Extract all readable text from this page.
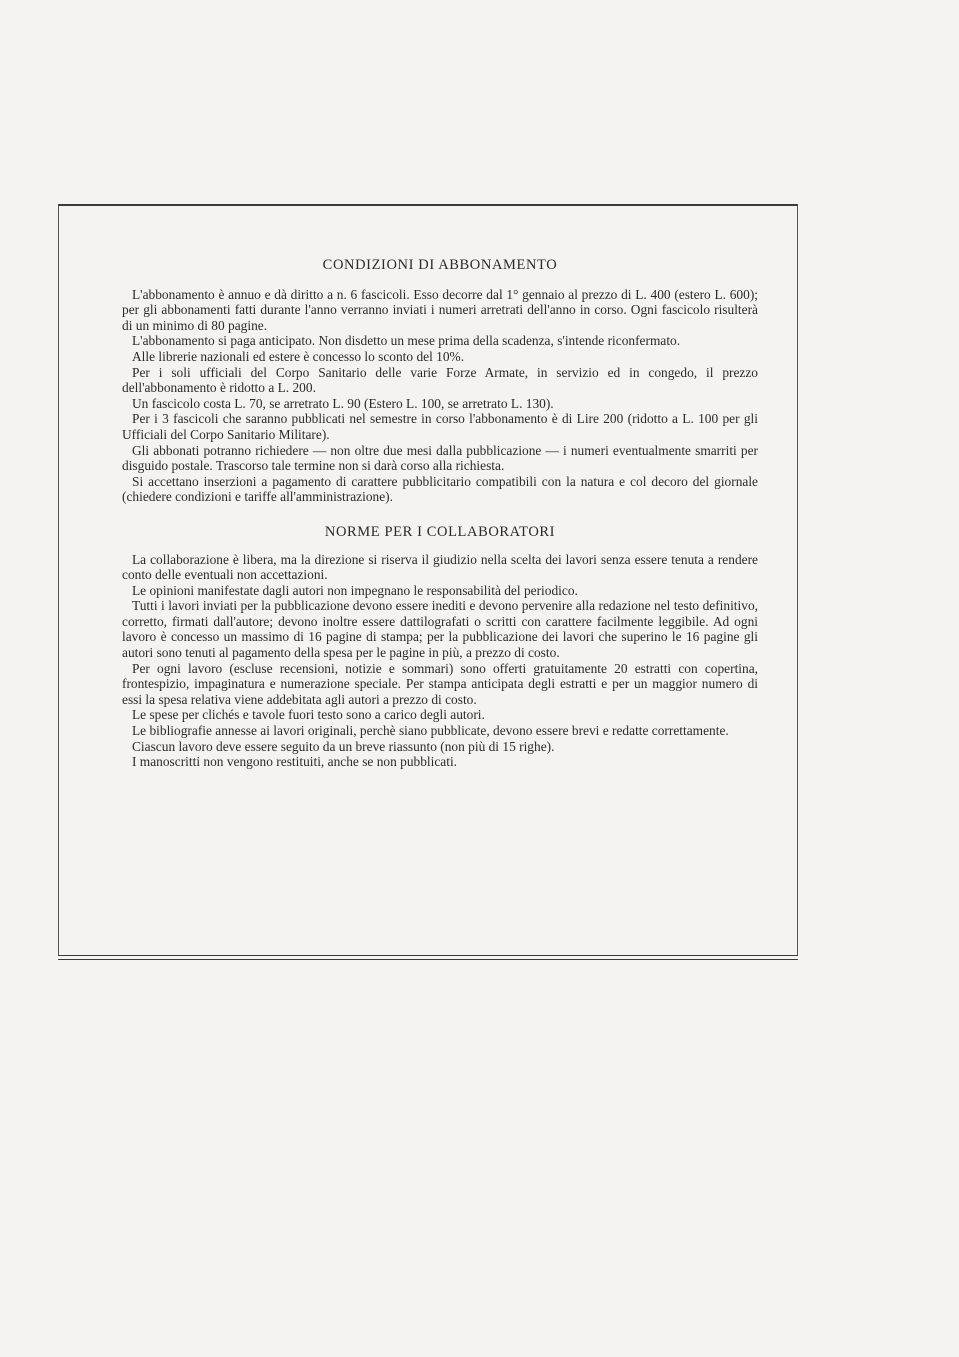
CONDIZIONI DI ABBONAMENTO

L'abbonamento è annuo e dà diritto a n. 6 fascicoli. Esso decorre dal 1° gennaio al prezzo di L. 400 (estero L. 600); per gli abbonamenti fatti durante l'anno verranno inviati i numeri arretrati dell'anno in corso. Ogni fascicolo risulterà di un minimo di 80 pagine.

L'abbonamento si paga anticipato. Non disdetto un mese prima della scadenza, s'intende riconfermato.

Alle librerie nazionali ed estere è concesso lo sconto del 10%.

Per i soli ufficiali del Corpo Sanitario delle varie Forze Armate, in servizio ed in congedo, il prezzo dell'abbonamento è ridotto a L. 200.

Un fascicolo costa L. 70, se arretrato L. 90 (Estero L. 100, se arretrato L. 130).

Per i 3 fascicoli che saranno pubblicati nel semestre in corso l'abbonamento è di Lire 200 (ridotto a L. 100 per gli Ufficiali del Corpo Sanitario Militare).

Gli abbonati potranno richiedere — non oltre due mesi dalla pubblicazione — i numeri eventualmente smarriti per disguido postale. Trascorso tale termine non si darà corso alla richiesta.

Si accettano inserzioni a pagamento di carattere pubblicitario compatibili con la natura e col decoro del giornale (chiedere condizioni e tariffe all'amministrazione).

NORME PER I COLLABORATORI

La collaborazione è libera, ma la direzione si riserva il giudizio nella scelta dei lavori senza essere tenuta a rendere conto delle eventuali non accettazioni.

Le opinioni manifestate dagli autori non impegnano le responsabilità del periodico.

Tutti i lavori inviati per la pubblicazione devono essere inediti e devono pervenire alla redazione nel testo definitivo, corretto, firmati dall'autore; devono inoltre essere dattilografati o scritti con carattere facilmente leggibile. Ad ogni lavoro è concesso un massimo di 16 pagine di stampa; per la pubblicazione dei lavori che superino le 16 pagine gli autori sono tenuti al pagamento della spesa per le pagine in più, a prezzo di costo.

Per ogni lavoro (escluse recensioni, notizie e sommari) sono offerti gratuitamente 20 estratti con copertina, frontespizio, impaginatura e numerazione speciale. Per stampa anticipata degli estratti e per un maggior numero di essi la spesa relativa viene addebitata agli autori a prezzo di costo.

Le spese per clichés e tavole fuori testo sono a carico degli autori.

Le bibliografie annesse ai lavori originali, perchè siano pubblicate, devono essere brevi e redatte correttamente.

Ciascun lavoro deve essere seguito da un breve riassunto (non più di 15 righe).

I manoscritti non vengono restituiti, anche se non pubblicati.
